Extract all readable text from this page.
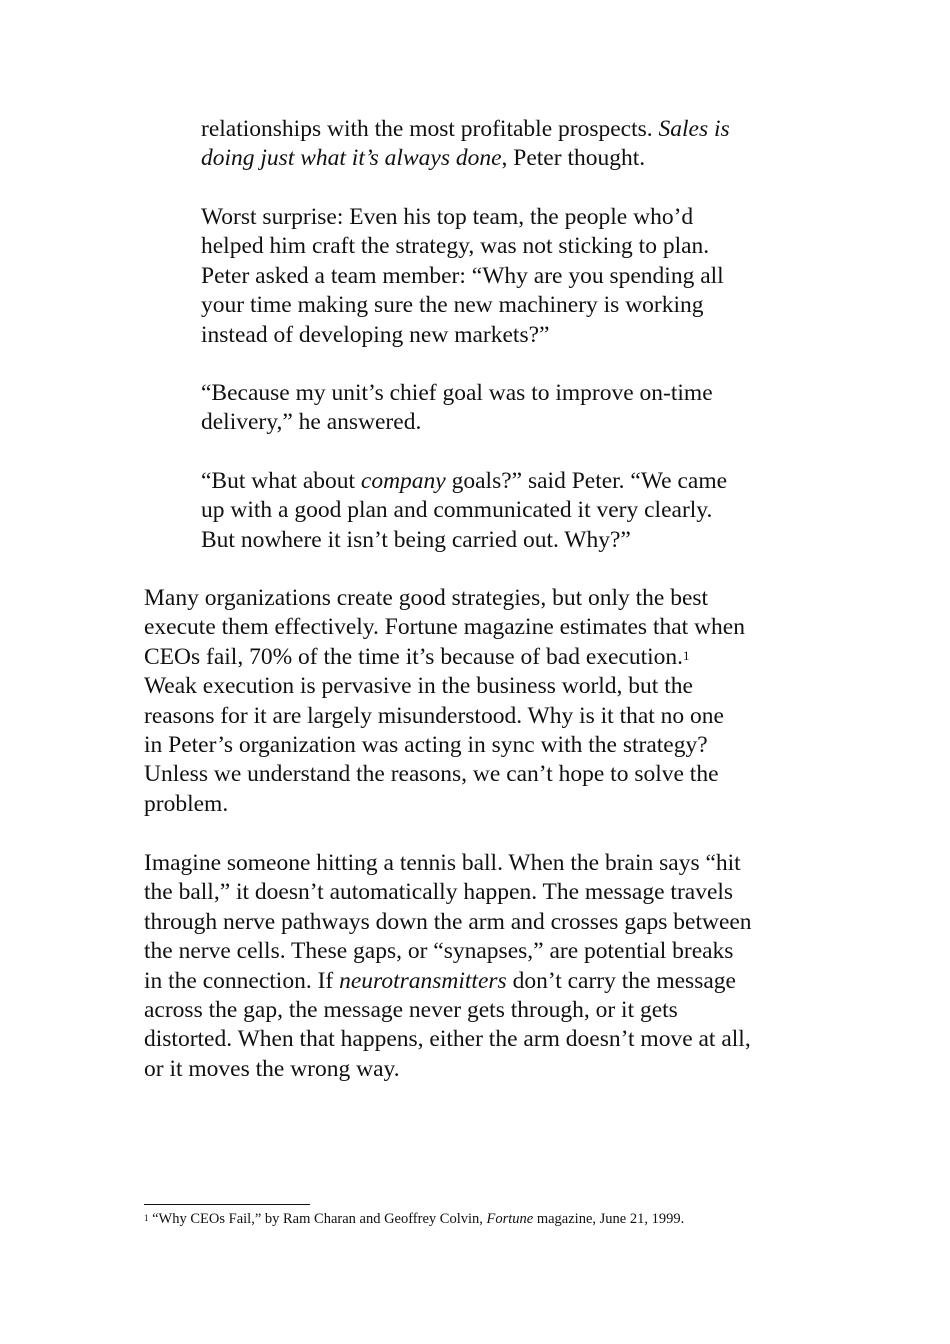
relationships with the most profitable prospects. Sales is
doing just what it’s always done, Peter thought.

Worst surprise: Even his top team, the people who’d
helped him craft the strategy, was not sticking to plan.
Peter asked a team member: “Why are you spending all
your time making sure the new machinery is working
instead of developing new markets?”

“Because my unit’s chief goal was to improve on-time
delivery,” he answered.

“But what about company goals?” said Peter. “We came
up with a good plan and communicated it very clearly.
But nowhere it isn’t being carried out. Why?”

Many organizations create good strategies, but only the best
execute them effectively. Fortune magazine estimates that when
CEOs fail, 70% of the time it’s because of bad execution.$^1$
Weak execution is pervasive in the business world, but the
reasons for it are largely misunderstood. Why is it that no one
in Peter’s organization was acting in sync with the strategy?
Unless we understand the reasons, we can’t hope to solve the
problem.

Imagine someone hitting a tennis ball. When the brain says “hit
the ball,” it doesn’t automatically happen. The message travels
through nerve pathways down the arm and crosses gaps between
the nerve cells. These gaps, or “synapses,” are potential breaks
in the connection. If neurotransmitters don’t carry the message
across the gap, the message never gets through, or it gets
distorted. When that happens, either the arm doesn’t move at all,
or it moves the wrong way.

$^1$ “Why CEOs Fail,” by Ram Charan and Geoffrey Colvin, Fortune magazine, June 21, 1999.
